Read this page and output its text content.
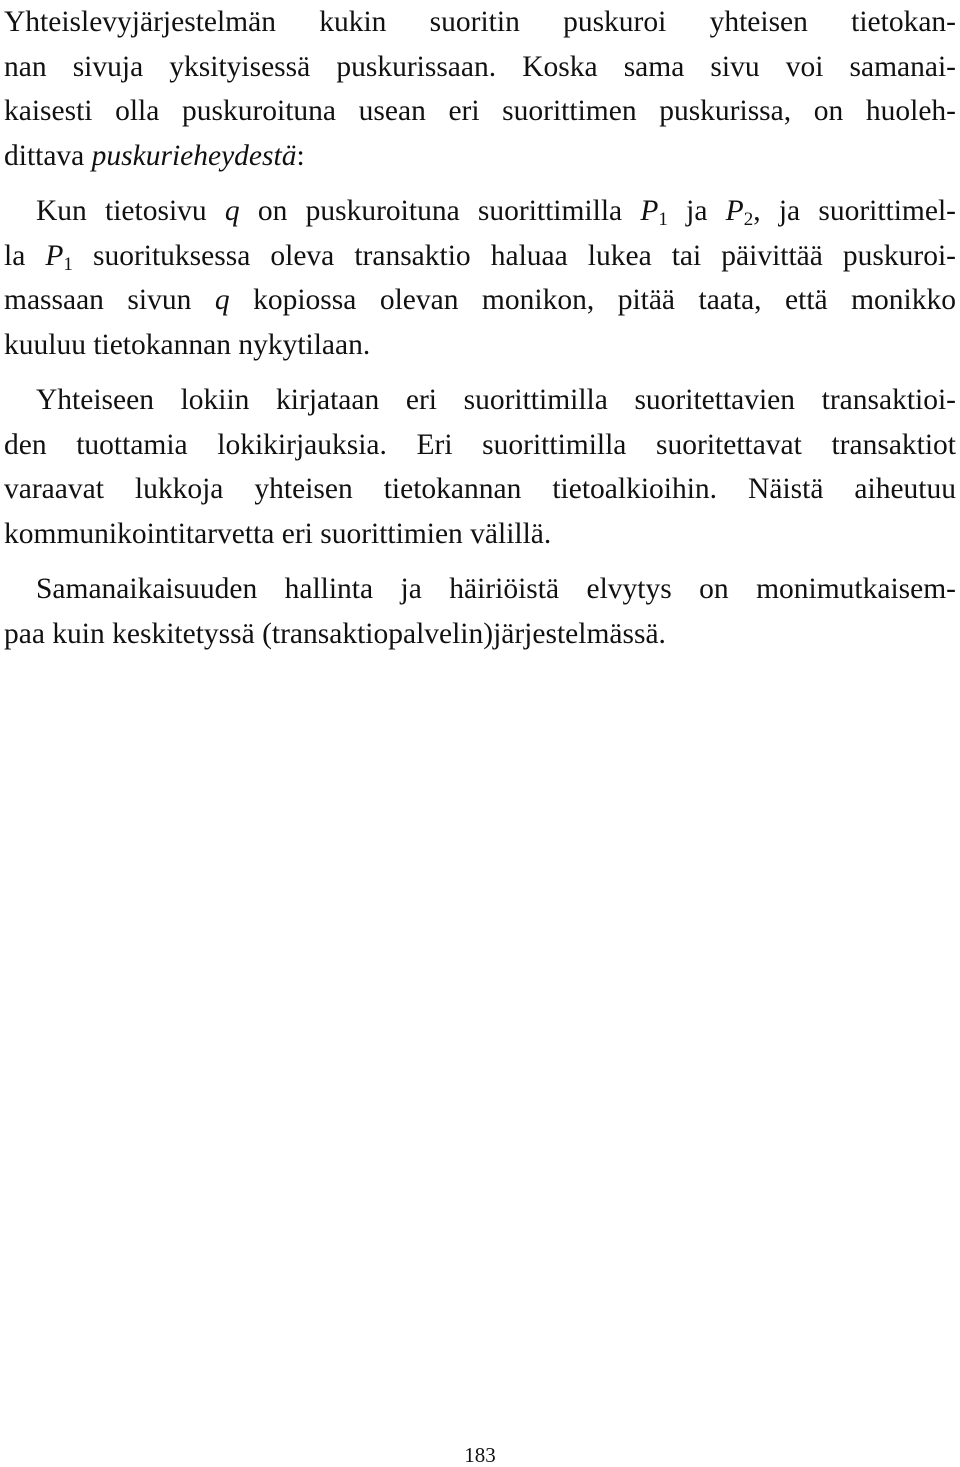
Yhteislevyjärjestelmän kukin suoritin puskuroi yhteisen tietokan-
nan sivuja yksityisessä puskurissaan. Koska sama sivu voi samanai-
kaisesti olla puskuroituna usean eri suorittimen puskurissa, on huoleh-
dittava puskurieheydestä:

Kun tietosivu q on puskuroituna suorittimilla $P_1$ ja $P_2$, ja suorittimel-
la $P_1$ suorituksessa oleva transaktio haluaa lukea tai päivittää puskuroi-
massaan sivun q kopiossa olevan monikon, pitää taata, että monikko
kuuluu tietokannan nykytilaan.

Yhteiseen lokiin kirjataan eri suorittimilla suoritettavien transaktioi-
den tuottamia lokikirjauksia. Eri suorittimilla suoritettavat transaktiot
varaavat lukkoja yhteisen tietokannan tietoalkioihin. Näistä aiheutuu
kommunikointitarvetta eri suorittimien välillä.

Samanaikaisuuden hallinta ja häiriöistä elvytys on monimutkaisem-
paa kuin keskitetyssä (transaktiopalvelin)järjestelmässä.

183
